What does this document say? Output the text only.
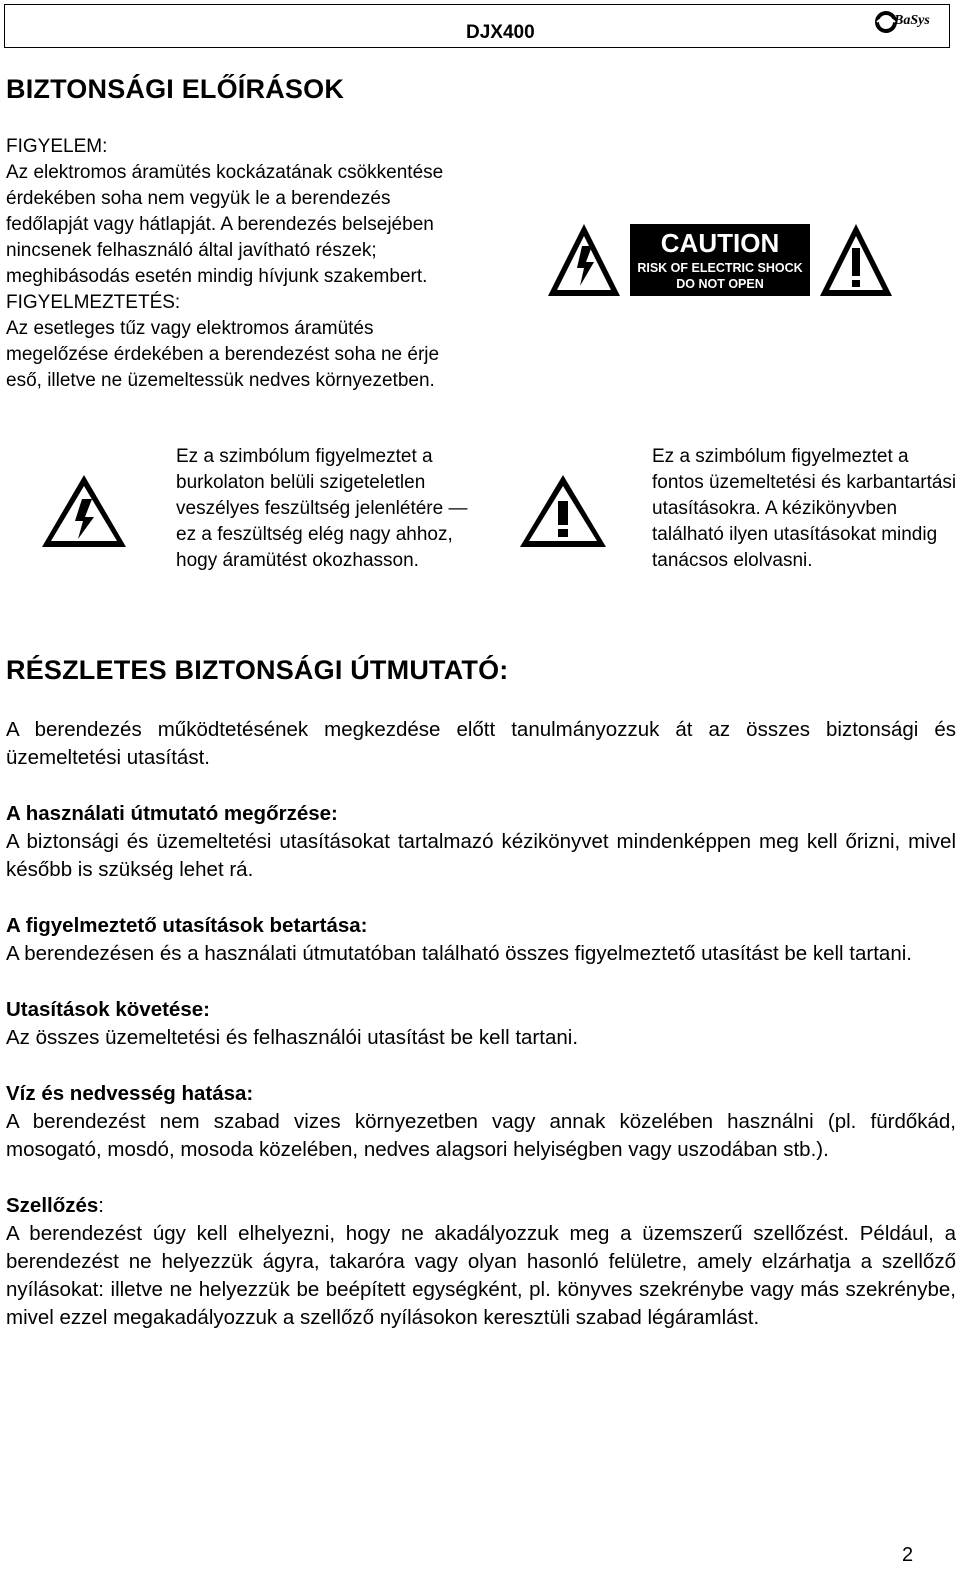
DJX400
BaSys
BIZTONSÁGI ELŐÍRÁSOK
FIGYELEM:
Az elektromos áramütés kockázatának csökkentése érdekében soha nem vegyük le a berendezés fedőlapját vagy hátlapját. A berendezés belsejében nincsenek felhasználó által javítható részek; meghibásodás esetén mindig hívjunk szakembert.
FIGYELMEZTETÉS:
Az esetleges tűz vagy elektromos áramütés megelőzése érdekében a berendezést soha ne érje eső, illetve ne üzemeltessük nedves környezetben.
CAUTION
RISK OF ELECTRIC SHOCK
DO NOT OPEN
Ez a szimbólum figyelmeztet a burkolaton belüli szigeteletlen veszélyes feszültség jelenlétére — ez a feszültség elég nagy ahhoz, hogy áramütést okozhasson.
Ez a szimbólum figyelmeztet a fontos üzemeltetési és karbantartási utasításokra. A kézikönyvben található ilyen utasításokat mindig tanácsos elolvasni.
RÉSZLETES BIZTONSÁGI ÚTMUTATÓ:
A berendezés működtetésének megkezdése előtt tanulmányozzuk át az összes biztonsági és üzemeltetési utasítást.
A használati útmutató megőrzése:
A biztonsági és üzemeltetési utasításokat tartalmazó kézikönyvet mindenképpen meg kell őrizni, mivel később is szükség lehet rá.
A figyelmeztető utasítások betartása:
A berendezésen és a használati útmutatóban található összes figyelmeztető utasítást be kell tartani.
Utasítások követése:
Az összes üzemeltetési és felhasználói utasítást be kell tartani.
Víz és nedvesség hatása:
A berendezést nem szabad vizes környezetben vagy annak közelében használni (pl. fürdőkád, mosogató, mosdó, mosoda közelében, nedves alagsori helyiségben vagy uszodában stb.).
Szellőzés:
A berendezést úgy kell elhelyezni, hogy ne akadályozzuk meg a üzemszerű szellőzést. Például, a berendezést ne helyezzük ágyra, takaróra vagy olyan hasonló felületre, amely elzárhatja a szellőző nyílásokat: illetve ne helyezzük be beépített egységként, pl. könyves szekrénybe vagy más szekrénybe, mivel ezzel megakadályozzuk a szellőző nyílásokon keresztüli szabad légáramlást.
2
